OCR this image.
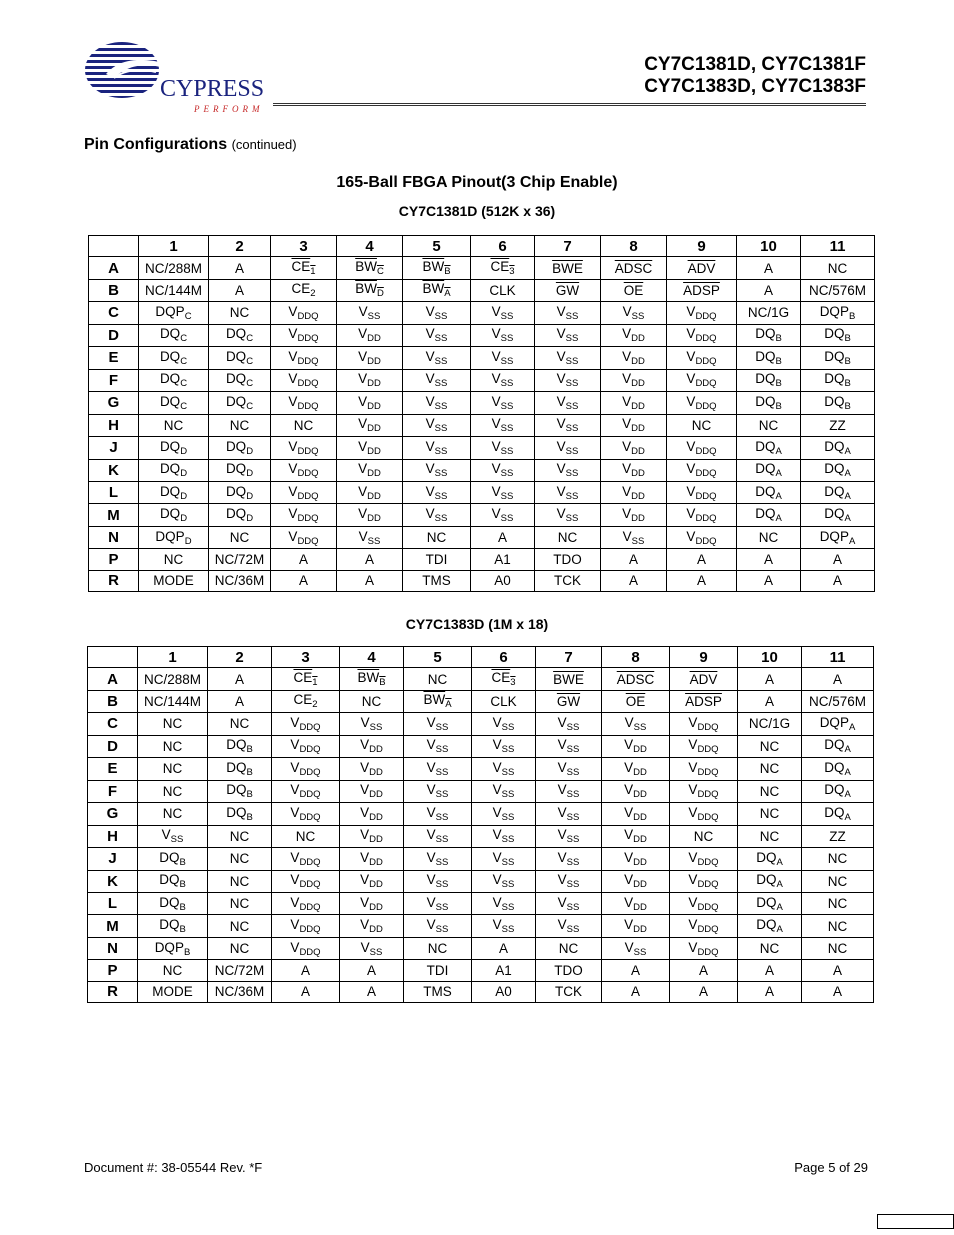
CYPRESS
PERFORM
CY7C1381D, CY7C1381F
CY7C1383D, CY7C1383F
Pin Configurations (continued)
165-Ball FBGA Pinout(3 Chip Enable)
CY7C1381D (512K x 36)
	1	2	3	4	5	6	7	8	9	10	11
A	NC/288M	A	$CE_1$	$BW_C$	$BW_B$	$CE_3$	$\overline{BWE}$	ADSC	$\overline{ADV}$	A	NC
B	NC/144M	A	$CE_2$	$BW_D$	$BW_A$	CLK	$\overline{GW}$	$\overline{OE}$	ADSP	A	NC/576M
C	$DQP_C$	NC	$V_{DDQ}$	$V_{SS}$	$V_{SS}$	$V_{SS}$	$V_{SS}$	$V_{SS}$	$V_{DDQ}$	NC/1G	$DQP_B$
D	$DQ_C$	$DQ_C$	$V_{DDQ}$	$V_{DD}$	$V_{SS}$	$V_{SS}$	$V_{SS}$	$V_{DD}$	$V_{DDQ}$	$DQ_B$	$DQ_B$
E	$DQ_C$	$DQ_C$	$V_{DDQ}$	$V_{DD}$	$V_{SS}$	$V_{SS}$	$V_{SS}$	$V_{DD}$	$V_{DDQ}$	$DQ_B$	$DQ_B$
F	$DQ_C$	$DQ_C$	$V_{DDQ}$	$V_{DD}$	$V_{SS}$	$V_{SS}$	$V_{SS}$	$V_{DD}$	$V_{DDQ}$	$DQ_B$	$DQ_B$
G	$DQ_C$	$DQ_C$	$V_{DDQ}$	$V_{DD}$	$V_{SS}$	$V_{SS}$	$V_{SS}$	$V_{DD}$	$V_{DDQ}$	$DQ_B$	$DQ_B$
H	NC	NC	NC	$V_{DD}$	$V_{SS}$	$V_{SS}$	$V_{SS}$	$V_{DD}$	NC	NC	ZZ
J	$DQ_D$	$DQ_D$	$V_{DDQ}$	$V_{DD}$	$V_{SS}$	$V_{SS}$	$V_{SS}$	$V_{DD}$	$V_{DDQ}$	$DQ_A$	$DQ_A$
K	$DQ_D$	$DQ_D$	$V_{DDQ}$	$V_{DD}$	$V_{SS}$	$V_{SS}$	$V_{SS}$	$V_{DD}$	$V_{DDQ}$	$DQ_A$	$DQ_A$
L	$DQ_D$	$DQ_D$	$V_{DDQ}$	$V_{DD}$	$V_{SS}$	$V_{SS}$	$V_{SS}$	$V_{DD}$	$V_{DDQ}$	$DQ_A$	$DQ_A$
M	$DQ_D$	$DQ_D$	$V_{DDQ}$	$V_{DD}$	$V_{SS}$	$V_{SS}$	$V_{SS}$	$V_{DD}$	$V_{DDQ}$	$DQ_A$	$DQ_A$
N	$DQP_D$	NC	$V_{DDQ}$	$V_{SS}$	NC	A	NC	$V_{SS}$	$V_{DDQ}$	NC	$DQP_A$
P	NC	NC/72M	A	A	TDI	A1	TDO	A	A	A	A
R	MODE	NC/36M	A	A	TMS	A0	TCK	A	A	A	A
CY7C1383D (1M x 18)
	1	2	3	4	5	6	7	8	9	10	11
A	NC/288M	A	$CE_1$	$BW_B$	NC	$CE_3$	$\overline{BWE}$	ADSC	$\overline{ADV}$	A	A
B	NC/144M	A	$CE_2$	NC	$BW_A$	CLK	$\overline{GW}$	$\overline{OE}$	ADSP	A	NC/576M
C	NC	NC	$V_{DDQ}$	$V_{SS}$	$V_{SS}$	$V_{SS}$	$V_{SS}$	$V_{SS}$	$V_{DDQ}$	NC/1G	$DQP_A$
D	NC	$DQ_B$	$V_{DDQ}$	$V_{DD}$	$V_{SS}$	$V_{SS}$	$V_{SS}$	$V_{DD}$	$V_{DDQ}$	NC	$DQ_A$
E	NC	$DQ_B$	$V_{DDQ}$	$V_{DD}$	$V_{SS}$	$V_{SS}$	$V_{SS}$	$V_{DD}$	$V_{DDQ}$	NC	$DQ_A$
F	NC	$DQ_B$	$V_{DDQ}$	$V_{DD}$	$V_{SS}$	$V_{SS}$	$V_{SS}$	$V_{DD}$	$V_{DDQ}$	NC	$DQ_A$
G	NC	$DQ_B$	$V_{DDQ}$	$V_{DD}$	$V_{SS}$	$V_{SS}$	$V_{SS}$	$V_{DD}$	$V_{DDQ}$	NC	$DQ_A$
H	$V_{SS}$	NC	NC	$V_{DD}$	$V_{SS}$	$V_{SS}$	$V_{SS}$	$V_{DD}$	NC	NC	ZZ
J	$DQ_B$	NC	$V_{DDQ}$	$V_{DD}$	$V_{SS}$	$V_{SS}$	$V_{SS}$	$V_{DD}$	$V_{DDQ}$	$DQ_A$	NC
K	$DQ_B$	NC	$V_{DDQ}$	$V_{DD}$	$V_{SS}$	$V_{SS}$	$V_{SS}$	$V_{DD}$	$V_{DDQ}$	$DQ_A$	NC
L	$DQ_B$	NC	$V_{DDQ}$	$V_{DD}$	$V_{SS}$	$V_{SS}$	$V_{SS}$	$V_{DD}$	$V_{DDQ}$	$DQ_A$	NC
M	$DQ_B$	NC	$V_{DDQ}$	$V_{DD}$	$V_{SS}$	$V_{SS}$	$V_{SS}$	$V_{DD}$	$V_{DDQ}$	$DQ_A$	NC
N	$DQP_B$	NC	$V_{DDQ}$	$V_{SS}$	NC	A	NC	$V_{SS}$	$V_{DDQ}$	NC	NC
P	NC	NC/72M	A	A	TDI	A1	TDO	A	A	A	A
R	MODE	NC/36M	A	A	TMS	A0	TCK	A	A	A	A
Document #: 38-05544 Rev. *F	Page 5 of 29
